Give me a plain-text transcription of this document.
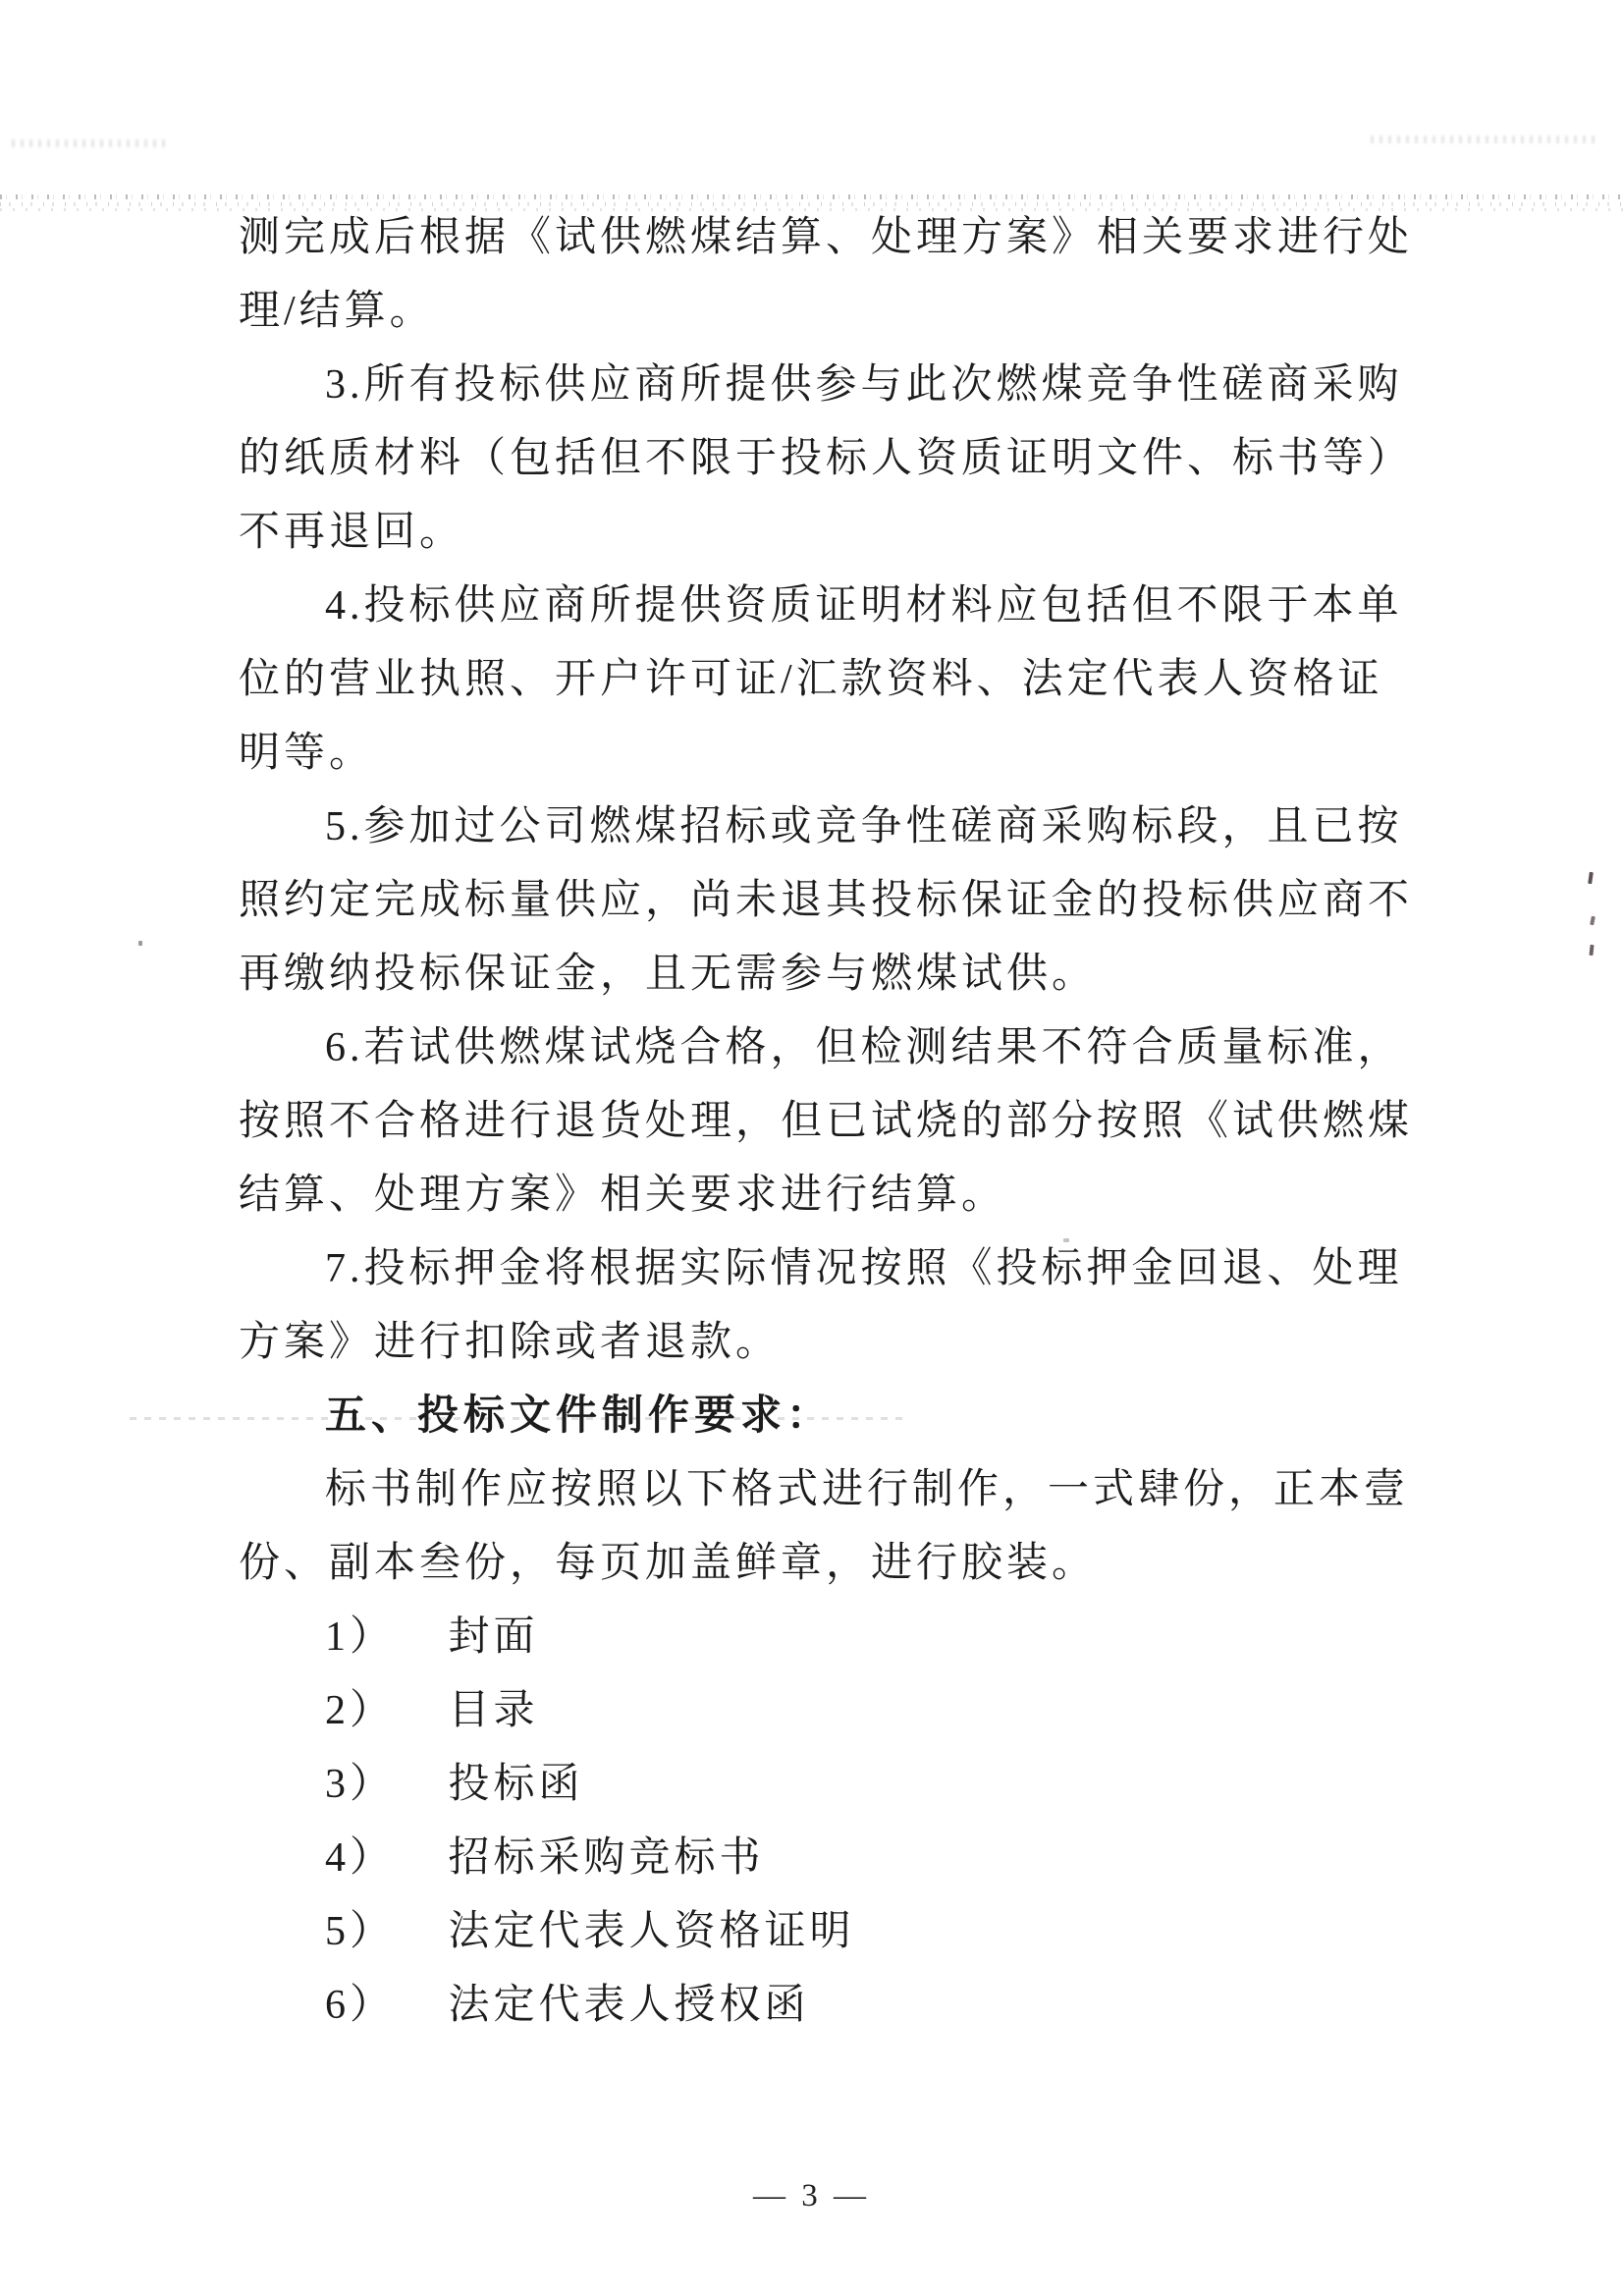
测完成后根据《试供燃煤结算、处理方案》相关要求进行处
理/结算。
3.所有投标供应商所提供参与此次燃煤竞争性磋商采购
的纸质材料（包括但不限于投标人资质证明文件、标书等）
不再退回。
4.投标供应商所提供资质证明材料应包括但不限于本单
位的营业执照、开户许可证/汇款资料、法定代表人资格证
明等。
5.参加过公司燃煤招标或竞争性磋商采购标段，且已按
照约定完成标量供应，尚未退其投标保证金的投标供应商不
再缴纳投标保证金，且无需参与燃煤试供。
6.若试供燃煤试烧合格，但检测结果不符合质量标准，
按照不合格进行退货处理，但已试烧的部分按照《试供燃煤
结算、处理方案》相关要求进行结算。
7.投标押金将根据实际情况按照《投标押金回退、处理
方案》进行扣除或者退款。
五、投标文件制作要求：
标书制作应按照以下格式进行制作，一式肆份，正本壹
份、副本叁份，每页加盖鲜章，进行胶装。
1） 封面
2） 目录
3） 投标函
4） 招标采购竞标书
5） 法定代表人资格证明
6） 法定代表人授权函
— 3 —
